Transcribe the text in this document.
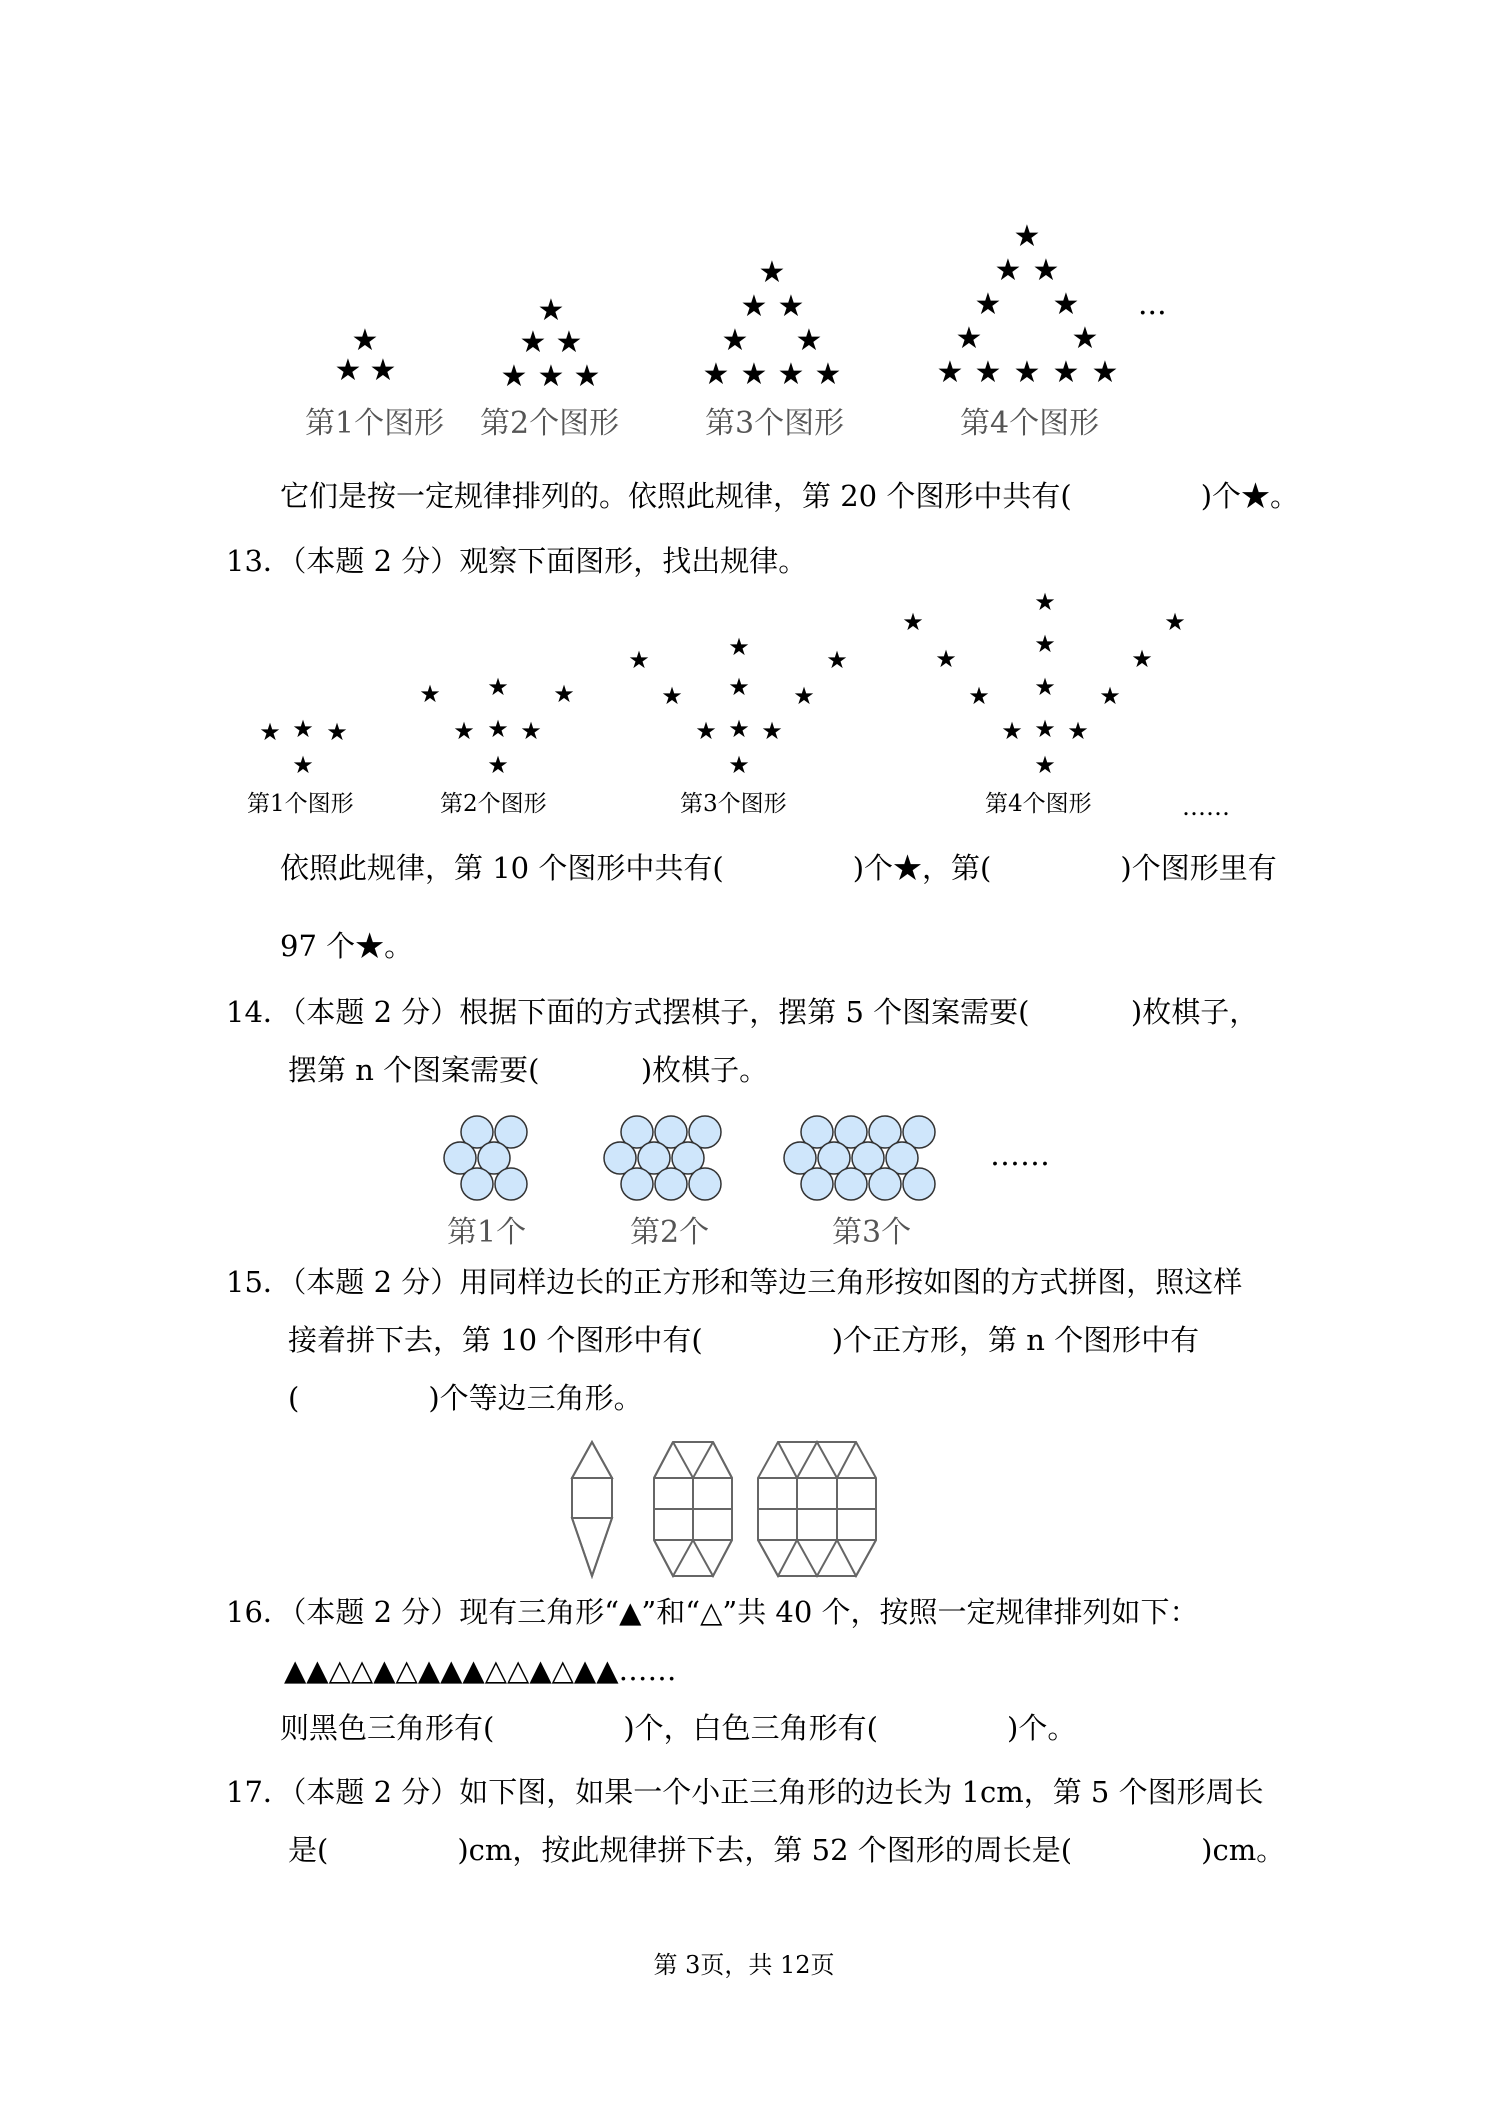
★
★ ★
★
★ ★
★ ★ ★
★
★ ★
★ ★
★ ★ ★ ★
★
★ ★
★ ★
★	★
★ ★ ★ ★ ★
···
第1个图形 第2个图形	第3个图形	第4个图形
它们是按一定规律排列的。依照此规律，第 20 个图形中共有(              )个★。
13．（本题 2 分）观察下面图形，找出规律。
★ ★ ★
★
★ ★ ★
★ ★ ★
★
★	★	★
★ ★ ★
★ ★ ★
★
★
★
★
★
★
★
★ ★ ★
★ ★ ★
★
第1个图形	第2个图形	第3个图形	第4个图形	……
依照此规律，第 10 个图形中共有(              )个★，第(              )个图形里有
97 个★。
14．（本题 2 分）根据下面的方式摆棋子，摆第 5 个图案需要(           )枚棋子，
摆第 n 个图案需要(           )枚棋子。
第1个	第2个	第3个
……
15．（本题 2 分）用同样边长的正方形和等边三角形按如图的方式拼图，照这样
接着拼下去，第 10 个图形中有(              )个正方形，第 n 个图形中有
(              )个等边三角形。
16．（本题 2 分）现有三角形“▲”和“△”共 40 个，按照一定规律排列如下：
▲▲△△▲△▲▲▲△△▲△▲▲……
则黑色三角形有(              )个，白色三角形有(              )个。
17．（本题 2 分）如下图，如果一个小正三角形的边长为 1cm，第 5 个图形周长
是(              )cm，按此规律拼下去，第 52 个图形的周长是(              )cm。
第 3页，共 12页
